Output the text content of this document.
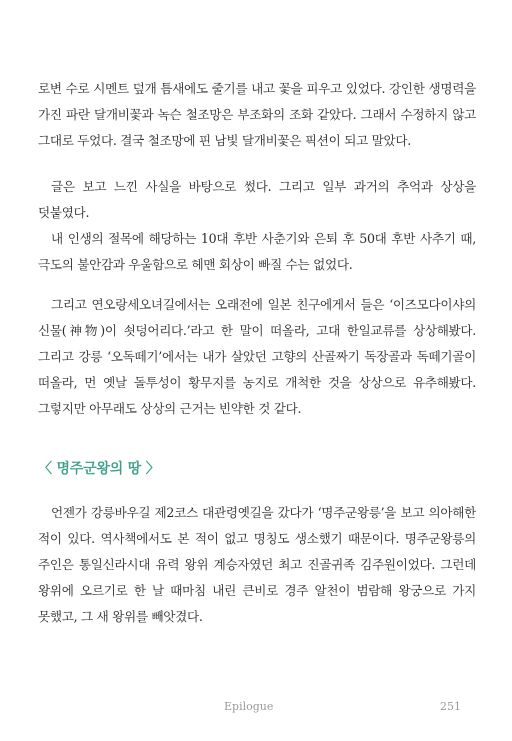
로변 수로 시멘트 덮개 틈새에도 줄기를 내고 꽃을 피우고 있었다. 강인한 생명력을 가진 파란 달개비꽃과 녹슨 철조망은 부조화의 조화 같았다. 그래서 수정하지 않고 그대로 두었다. 결국 철조망에 핀 남빛 달개비꽃은 픽션이 되고 말았다.

글은 보고 느낀 사실을 바탕으로 썼다. 그리고 일부 과거의 추억과 상상을 덧붙였다.

내 인생의 절목에 해당하는 10대 후반 사춘기와 은퇴 후 50대 후반 사추기 때, 극도의 불안감과 우울함으로 헤맨 회상이 빠질 수는 없었다.

그리고 연오랑세오녀길에서는 오래전에 일본 친구에게서 들은 ‘이즈모다이샤의 신물(神物)이 쇳덩어리다.’라고 한 말이 떠올라, 고대 한일교류를 상상해봤다. 그리고 강릉 ‘오독떼기’에서는 내가 살았던 고향의 산골짜기 독장골과 독떼기골이 떠올라, 먼 옛날 돌투성이 황무지를 농지로 개척한 것을 상상으로 유추해봤다. 그렇지만 아무래도 상상의 근거는 빈약한 것 같다.

〈 명주군왕의 땅 〉

언젠가 강릉바우길 제2코스 대관령옛길을 갔다가 ‘명주군왕릉’을 보고 의아해한 적이 있다. 역사책에서도 본 적이 없고 명칭도 생소했기 때문이다. 명주군왕릉의 주인은 통일신라시대 유력 왕위 계승자였던 최고 진골귀족 김주원이었다. 그런데 왕위에 오르기로 한 날 때마침 내린 큰비로 경주 알천이 범람해 왕궁으로 가지 못했고, 그 새 왕위를 빼앗겼다.

Epilogue	251
